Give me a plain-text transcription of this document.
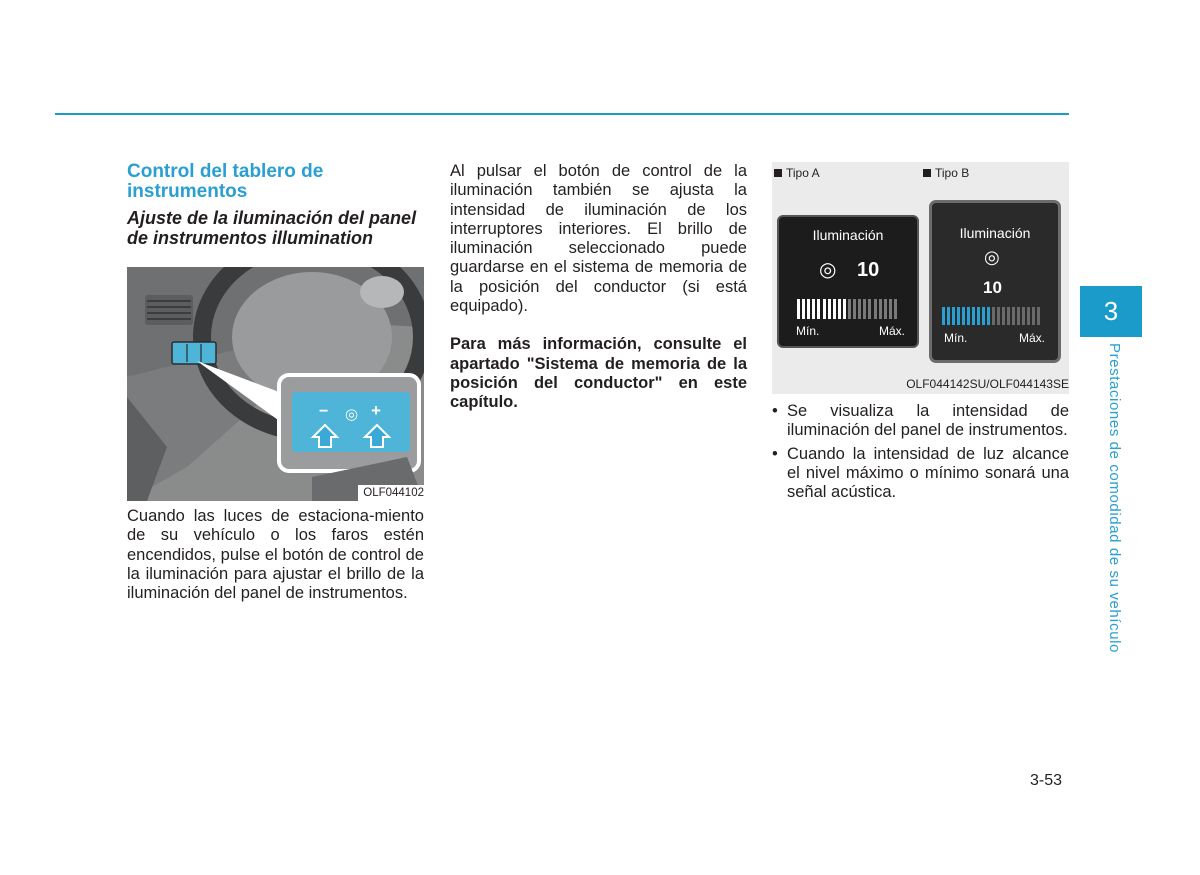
Control del tablero de instrumentos
Ajuste de la iluminación del panel de instrumentos illumination
− ◎ +
OLF044102

Cuando las luces de estaciona-miento de su vehículo o los faros estén encendidos, pulse el botón de control de la iluminación para ajustar el brillo de la iluminación del panel de instrumentos.

Al pulsar el botón de control de la iluminación también se ajusta la intensidad de iluminación de los interruptores interiores. El brillo de iluminación seleccionado puede guardarse en el sistema de memoria de la posición del conductor (si está equipado).

Para más información, consulte el apartado "Sistema de memoria de la posición del conductor" en este capítulo.

Tipo A	Tipo B
Iluminación
◎ 10
Mín.	Máx.
Iluminación
◎
10
Mín.	Máx.
OLF044142SU/OLF044143SE
• Se visualiza la intensidad de iluminación del panel de instrumentos.
• Cuando la intensidad de luz alcance el nivel máximo o mínimo sonará una señal acústica.
3
Prestaciones de comodidad de su vehículo
3-53
